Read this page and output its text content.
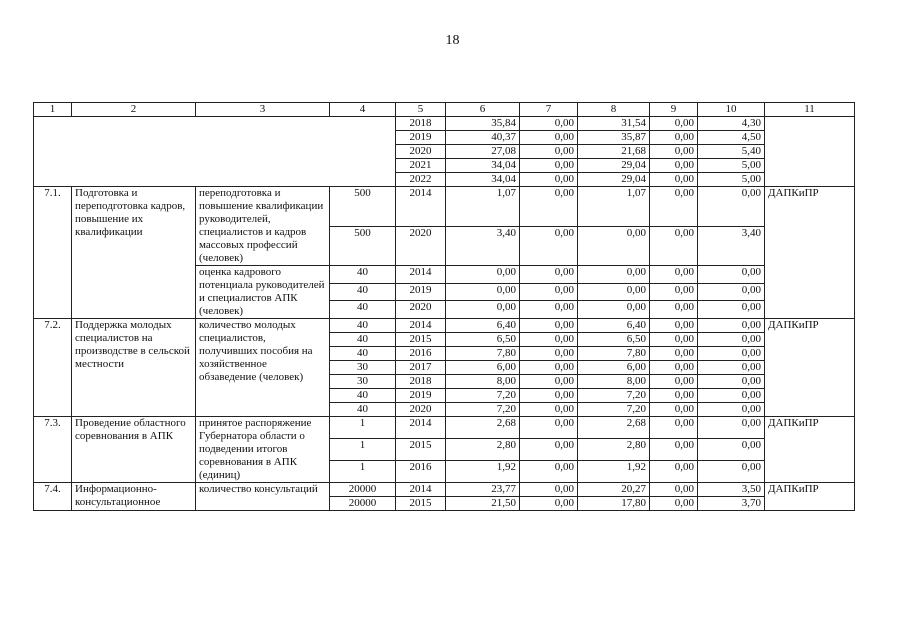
18
1	2	3	4	5	6	7	8	9	10	11
				2018	35,84	0,00	31,54	0,00	4,30	
				2019	40,37	0,00	35,87	0,00	4,50	
				2020	27,08	0,00	21,68	0,00	5,40	
				2021	34,04	0,00	29,04	0,00	5,00	
				2022	34,04	0,00	29,04	0,00	5,00	
7.1.	Подготовка и переподготовка кадров, повышение их квалификации	переподготовка и повышение квалификации руководителей, специалистов и кадров массовых профессий (человек)	500	2014	1,07	0,00	1,07	0,00	0,00	ДАПКиПР
			500	2020	3,40	0,00	0,00	0,00	3,40	
		оценка кадрового потенциала руководителей и специалистов АПК (человек)	40	2014	0,00	0,00	0,00	0,00	0,00	
			40	2019	0,00	0,00	0,00	0,00	0,00	
			40	2020	0,00	0,00	0,00	0,00	0,00	
7.2.	Поддержка молодых специалистов на производстве в сельской местности	количество молодых специалистов, получивших пособия на хозяйственное обзаведение (человек)	40	2014	6,40	0,00	6,40	0,00	0,00	ДАПКиПР
			40	2015	6,50	0,00	6,50	0,00	0,00	
			40	2016	7,80	0,00	7,80	0,00	0,00	
			30	2017	6,00	0,00	6,00	0,00	0,00	
			30	2018	8,00	0,00	8,00	0,00	0,00	
			40	2019	7,20	0,00	7,20	0,00	0,00	
			40	2020	7,20	0,00	7,20	0,00	0,00	
7.3.	Проведение областного соревнования в АПК	принятое распоряжение Губернатора области о подведении итогов соревнования в АПК (единиц)	1	2014	2,68	0,00	2,68	0,00	0,00	ДАПКиПР
			1	2015	2,80	0,00	2,80	0,00	0,00	
			1	2016	1,92	0,00	1,92	0,00	0,00	
7.4.	Информационно-консультационное	количество консультаций	20000	2014	23,77	0,00	20,27	0,00	3,50	ДАПКиПР
			20000	2015	21,50	0,00	17,80	0,00	3,70	
